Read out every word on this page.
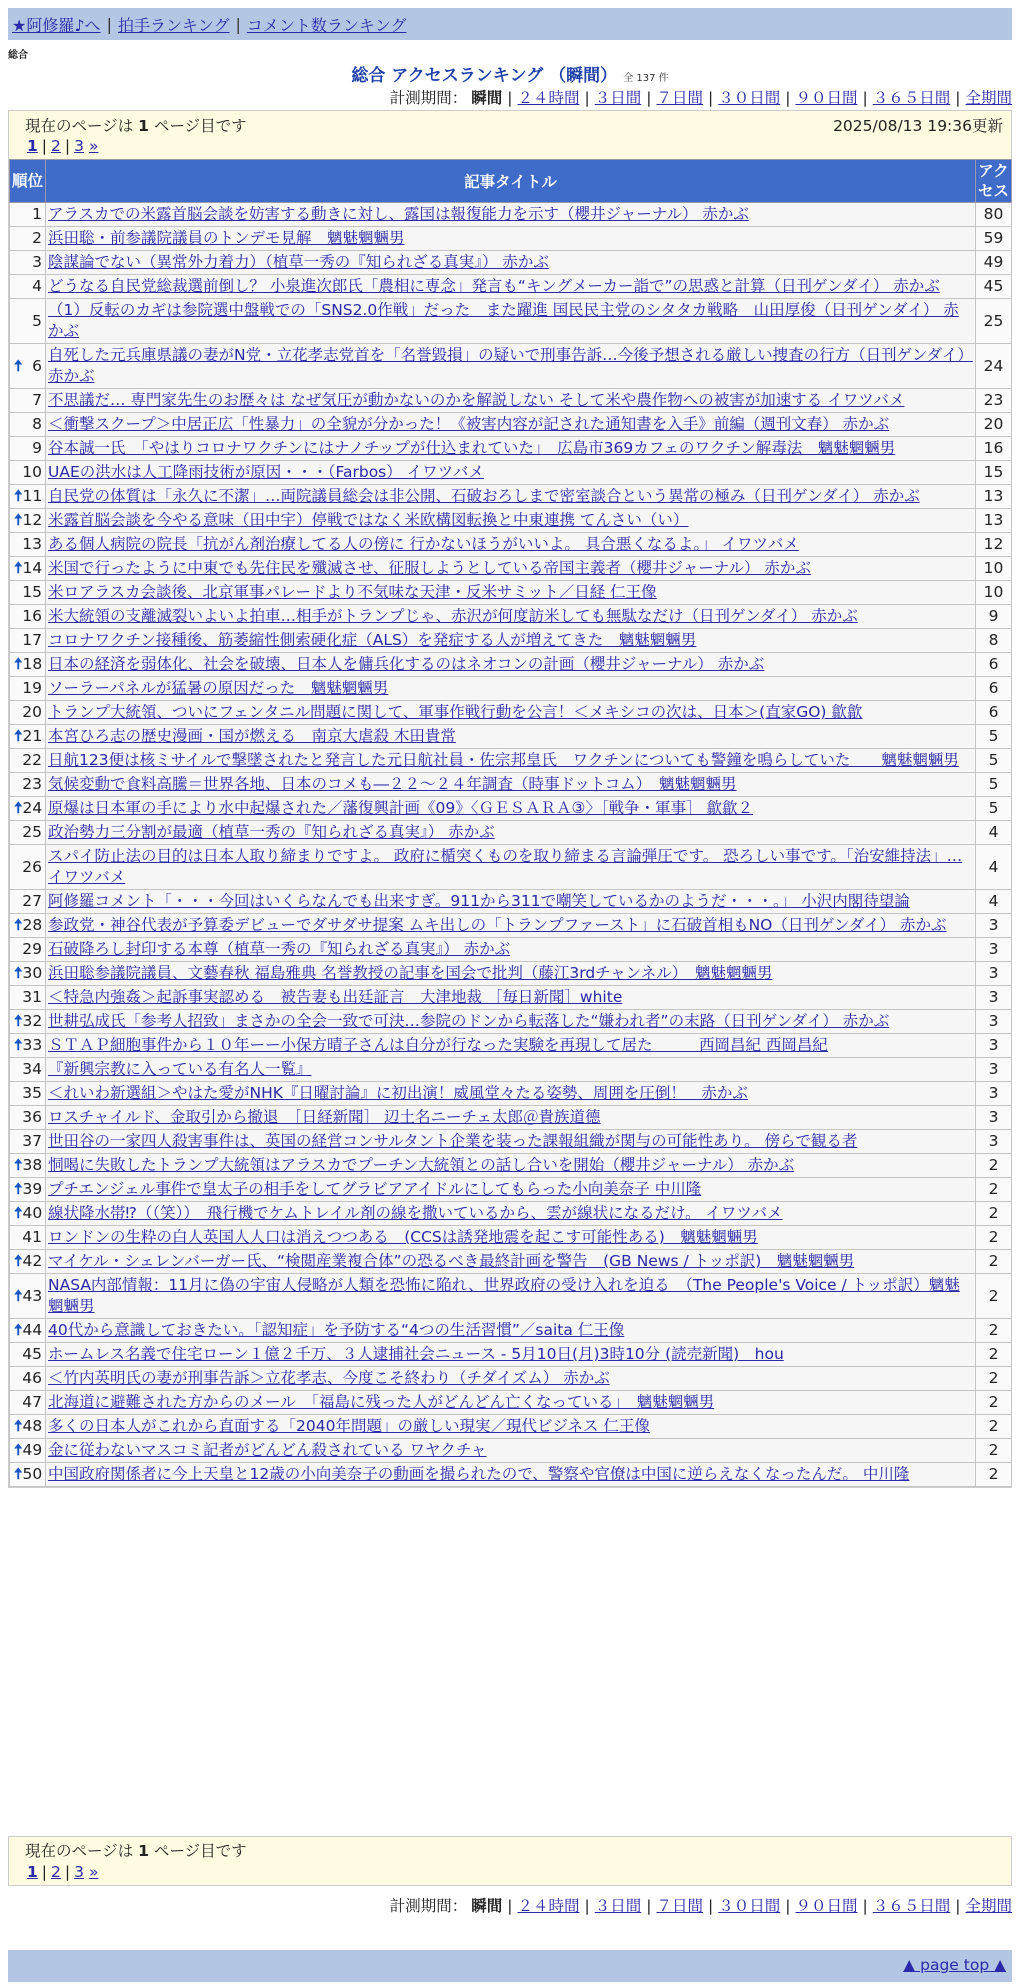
★阿修羅♪へ | 拍手ランキング | コメント数ランキング
総合
総合 アクセスランキング （瞬間） 全 137 件
計測期間： 瞬間 | ２４時間 | ３日間 | ７日間 | ３０日間 | ９０日間 | ３６５日間 | 全期間
現在のページは 1 ページ目です	2025/08/13 19:36更新
1 | 2 | 3 »
順位	記事タイトル	アクセス
1	アラスカでの米露首脳会談を妨害する動きに対し、露国は報復能力を示す（櫻井ジャーナル） 赤かぶ	80
2	浜田聡・前参議院議員のトンデモ見解　魑魅魍魎男	59
3	陰謀論でない（異常外力着力）（植草一秀の『知られざる真実』） 赤かぶ	49
4	どうなる自民党総裁選前倒し？ 小泉進次郎氏「農相に専念」発言も“キングメーカー詣で”の思惑と計算（日刊ゲンダイ） 赤かぶ	45
5	（1）反転のカギは参院選中盤戦での「SNS2.0作戦」だった　また躍進 国民民主党のシタタカ戦略　山田厚俊（日刊ゲンダイ） 赤かぶ	25

🠅 6	自死した元兵庫県議の妻がN党・立花孝志党首を「名誉毀損」の疑いで刑事告訴…今後予想される厳しい捜査の行方（日刊ゲンダイ） 赤かぶ	24
7	不思議だ… 専門家先生のお歴々は なぜ気圧が動かないのかを解説しない そして米や農作物への被害が加速する イワツバメ	23
8	＜衝撃スクープ＞中居正広「性暴力」の全貌が分かった！《被害内容が記された通知書を入手》前編（週刊文春） 赤かぶ	20
9	谷本誠一氏　「やはりコロナワクチンにはナノチップが仕込まれていた」　広島市369カフェのワクチン解毒法　魑魅魍魎男	16
10	UAEの洪水は人工降雨技術が原因・・・（Farbos） イワツバメ	15

🠅 11	自民党の体質は「永久に不潔」…両院議員総会は非公開、石破おろしまで密室談合という異常の極み（日刊ゲンダイ） 赤かぶ	13

🠅 12	米露首脳会談を今やる意味（田中宇）停戦ではなく米欧構図転換と中東連携 てんさい（い）	13
13	ある個人病院の院長「抗がん剤治療してる人の傍に 行かないほうがいいよ。 具合悪くなるよ。」 イワツバメ	12

🠅 14	米国で行ったように中東でも先住民を殲滅させ、征服しようとしている帝国主義者（櫻井ジャーナル） 赤かぶ	10
15	米ロアラスカ会談後、北京軍事パレードより不気味な天津・反米サミット／日経 仁王像	10
16	米大統領の支離滅裂いよいよ拍車…相手がトランプじゃ、赤沢が何度訪米しても無駄なだけ（日刊ゲンダイ） 赤かぶ	9
17	コロナワクチン接種後、筋萎縮性側索硬化症（ALS）を発症する人が増えてきた　魑魅魍魎男	8

🠅 18	日本の経済を弱体化、社会を破壊、日本人を傭兵化するのはネオコンの計画（櫻井ジャーナル） 赤かぶ	6
19	ソーラーパネルが猛暑の原因だった　魑魅魍魎男	6
20	トランプ大統領、ついにフェンタニル問題に関して、軍事作戦行動を公言！＜メキシコの次は、日本＞(直家GO) 歙歙	6

🠅 21	本宮ひろ志の歴史漫画・国が燃える　南京大虐殺 木田貴常	5
22	日航123便は核ミサイルで撃墜されたと発言した元日航社員・佐宗邦皇氏　ワクチンについても警鐘を鳴らしていた　　魑魅魍魎男	5
23	気候変動で食料高騰＝世界各地、日本のコメも―２２～２４年調査（時事ドットコム）　魑魅魍魎男	5

🠅 24	原爆は日本軍の手により水中起爆された／藩復興計画《09》〈ＧＥＳＡＲＡ③〉［戦争・軍事］ 歙歙２	5
25	政治勢力三分割が最適（植草一秀の『知られざる真実』） 赤かぶ	4
26	スパイ防止法の目的は日本人取り締まりですよ。 政府に楯突くものを取り締まる言論弾圧です。 恐ろしい事です。「治安維持法」… イワツバメ	4
27	阿修羅コメント「・・・今回はいくらなんでも出来すぎ。911から311で嘲笑しているかのようだ・・・。」 小沢内閣待望論	4

🠅 28	参政党・神谷代表が予算委デビューでダサダサ提案 ムキ出しの「トランプファースト」に石破首相もNO（日刊ゲンダイ） 赤かぶ	3
29	石破降ろし封印する本尊（植草一秀の『知られざる真実』） 赤かぶ	3

🠅 30	浜田聡参議院議員、文藝春秋 福島雅典 名誉教授の記事を国会で批判（藤江3rdチャンネル）　魑魅魍魎男	3
31	＜特急内強姦＞起訴事実認める　被告妻も出廷証言　大津地裁 ［毎日新聞］white	3

🠅 32	世耕弘成氏「参考人招致」まさかの全会一致で可決…参院のドンから転落した“嫌われ者”の末路（日刊ゲンダイ） 赤かぶ	3

🠅 33	ＳＴＡＰ細胞事件から１０年ーー小保方晴子さんは自分が行なった実験を再現して居た　　　西岡昌紀 西岡昌紀	3
34	『新興宗教に入っている有名人一覧』	3
35	＜れいわ新選組＞やはた愛がNHK『日曜討論』に初出演！威風堂々たる姿勢、周囲を圧倒！　赤かぶ	3
36	ロスチャイルド、金取引から撤退　［日経新聞］ 辺土名ニーチェ太郎＠貴族道德	3
37	世田谷の一家四人殺害事件は、英国の経営コンサルタント企業を装った課報組織が関与の可能性あり。 傍らで観る者	3

🠅 38	恫喝に失敗したトランプ大統領はアラスカでプーチン大統領との話し合いを開始（櫻井ジャーナル） 赤かぶ	2

🠅 39	プチエンジェル事件で皇太子の相手をしてグラビアアイドルにしてもらった小向美奈子 中川隆	2

🠅 40	線状降水帯⁉（（笑））　飛行機でケムトレイル剤の線を撒いているから、雲が線状になるだけ。 イワツバメ	2
41	ロンドンの生粋の白人英国人人口は消えつつある　(CCSは誘発地震を起こす可能性ある)　魑魅魍魎男	2

🠅 42	マイケル・シェレンバーガー氏、“検閲産業複合体”の恐るべき最終計画を警告　(GB News / トッポ訳)　魑魅魍魎男	2

🠅 43	NASA内部情報：11月に偽の宇宙人侵略が人類を恐怖に陥れ、世界政府の受け入れを迫る　（The People's Voice / トッポ訳）魑魅魍魎男	2

🠅 44	40代から意識しておきたい。「認知症」を予防する“4つの生活習慣”／saita 仁王像	2
45	ホームレス名義で住宅ローン１億２千万、３人逮捕社会ニュース - 5月10日(月)3時10分 (読売新聞)　hou	2
46	＜竹内英明氏の妻が刑事告訴＞立花孝志、今度こそ終わり（チダイズム） 赤かぶ	2
47	北海道に避難された方からのメール　「福島に残った人がどんどん亡くなっている」　魑魅魍魎男	2

🠅 48	多くの日本人がこれから直面する「2040年問題」の厳しい現実／現代ビジネス 仁王像	2

🠅 49	金に従わないマスコミ記者がどんどん殺されている ワヤクチャ	2

🠅 50	中国政府関係者に今上天皇と12歳の小向美奈子の動画を撮られたので、警察や官僚は中国に逆らえなくなったんだ。 中川隆	2
現在のページは 1 ページ目です
1 | 2 | 3 »
計測期間： 瞬間 | ２４時間 | ３日間 | ７日間 | ３０日間 | ９０日間 | ３６５日間 | 全期間
▲ page top ▲
